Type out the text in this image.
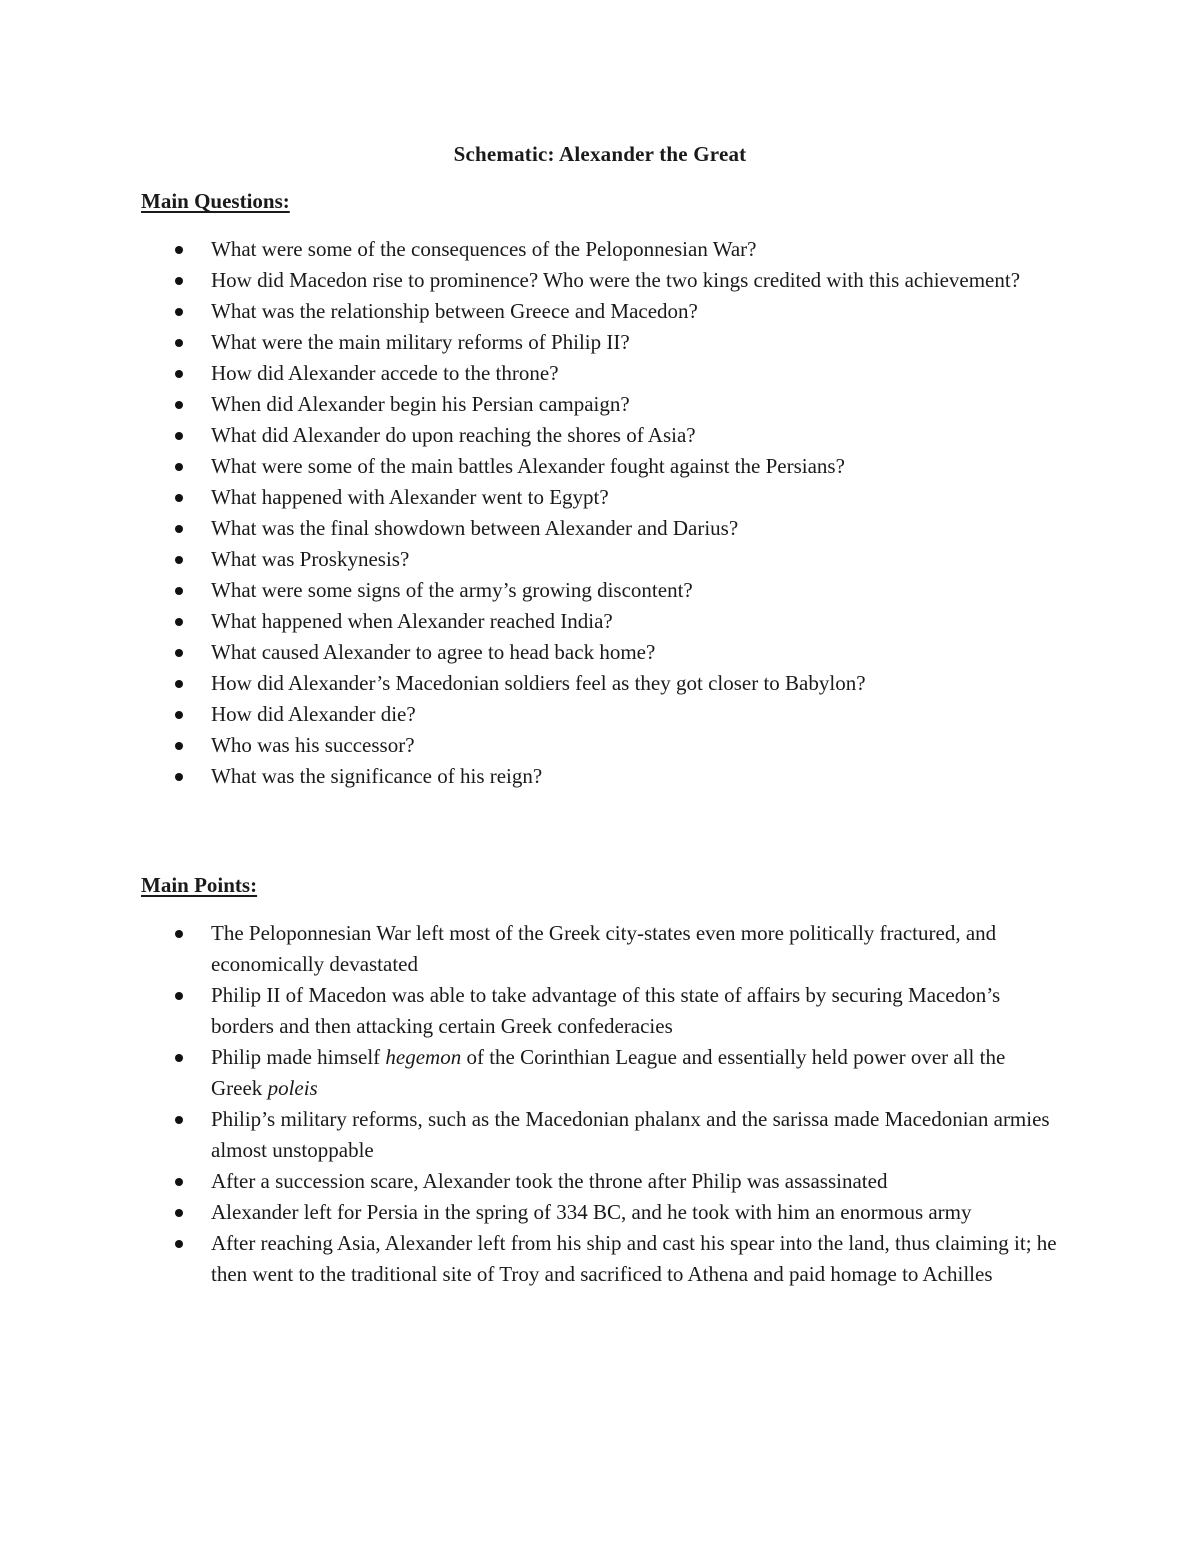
Schematic: Alexander the Great
Main Questions:
What were some of the consequences of the Peloponnesian War?
How did Macedon rise to prominence? Who were the two kings credited with this achievement?
What was the relationship between Greece and Macedon?
What were the main military reforms of Philip II?
How did Alexander accede to the throne?
When did Alexander begin his Persian campaign?
What did Alexander do upon reaching the shores of Asia?
What were some of the main battles Alexander fought against the Persians?
What happened with Alexander went to Egypt?
What was the final showdown between Alexander and Darius?
What was Proskynesis?
What were some signs of the army’s growing discontent?
What happened when Alexander reached India?
What caused Alexander to agree to head back home?
How did Alexander’s Macedonian soldiers feel as they got closer to Babylon?
How did Alexander die?
Who was his successor?
What was the significance of his reign?
Main Points:
The Peloponnesian War left most of the Greek city-states even more politically fractured, and economically devastated
Philip II of Macedon was able to take advantage of this state of affairs by securing Macedon’s borders and then attacking certain Greek confederacies
Philip made himself hegemon of the Corinthian League and essentially held power over all the Greek poleis
Philip’s military reforms, such as the Macedonian phalanx and the sarissa made Macedonian armies almost unstoppable
After a succession scare, Alexander took the throne after Philip was assassinated
Alexander left for Persia in the spring of 334 BC, and he took with him an enormous army
After reaching Asia, Alexander left from his ship and cast his spear into the land, thus claiming it; he then went to the traditional site of Troy and sacrificed to Athena and paid homage to Achilles
